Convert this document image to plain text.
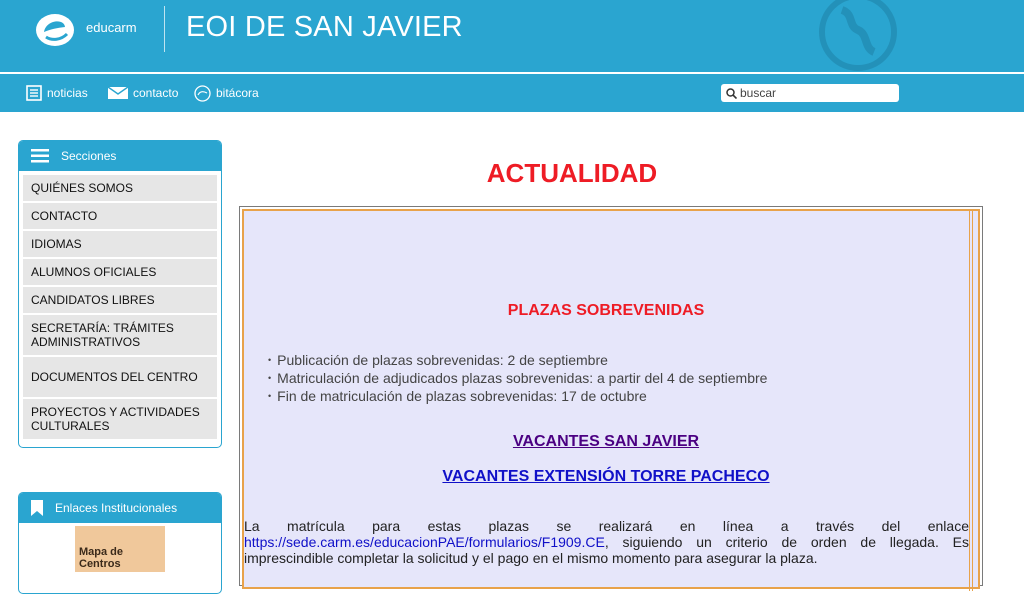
educarm EOI DE SAN JAVIER
noticias	contacto	bitácora
buscar
Secciones
QUIÉNES SOMOS
CONTACTO
IDIOMAS
ALUMNOS OFICIALES
CANDIDATOS LIBRES
SECRETARÍA: TRÁMITES ADMINISTRATIVOS
DOCUMENTOS DEL CENTRO
PROYECTOS Y ACTIVIDADES CULTURALES
Enlaces Institucionales
Mapa de Centros
ACTUALIDAD
PLAZAS SOBREVENIDAS
• Publicación de plazas sobrevenidas: 2 de septiembre
• Matriculación de adjudicados plazas sobrevenidas: a partir del 4 de septiembre
• Fin de matriculación de plazas sobrevenidas: 17 de octubre
VACANTES SAN JAVIER
VACANTES EXTENSIÓN TORRE PACHECO

La matrícula para estas plazas se realizará en línea a través del enlace https://sede.carm.es/educacionPAE/formularios/F1909.CE, siguiendo un criterio de orden de llegada. Es imprescindible completar la solicitud y el pago en el mismo momento para asegurar la plaza.
